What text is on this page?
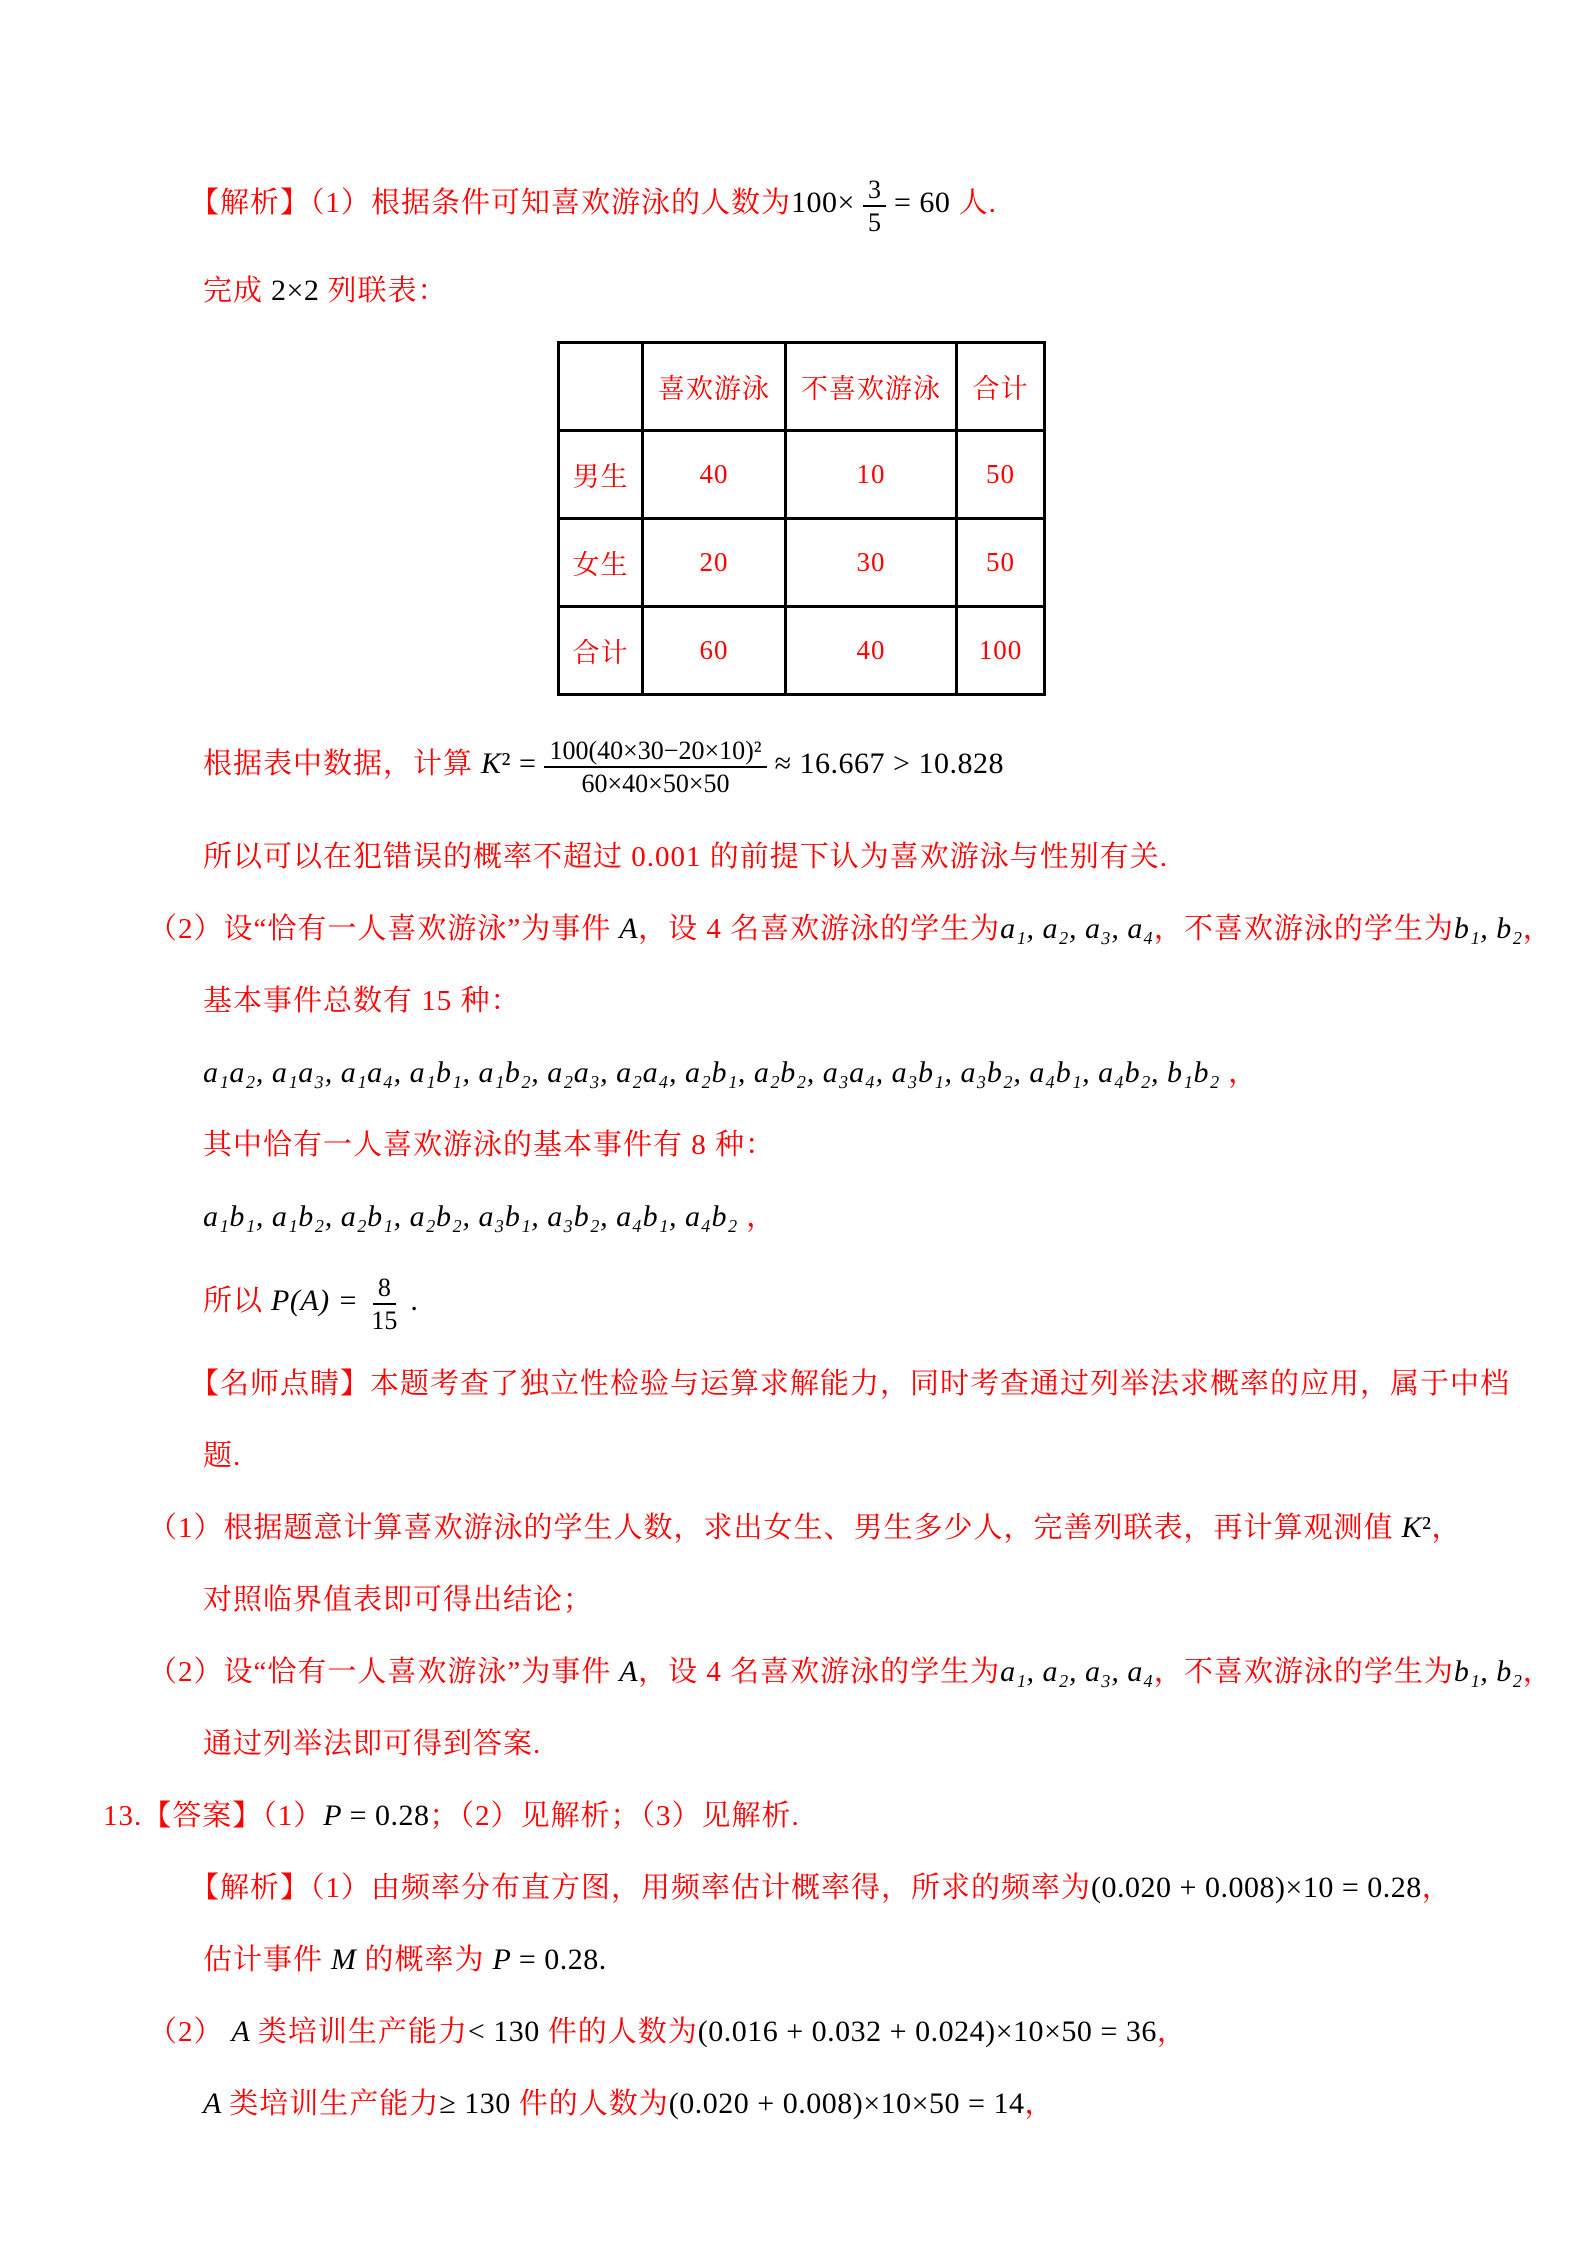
【解析】（1）根据条件可知喜欢游泳的人数为$100\times \frac{3}{5} = 60$ 人.
完成 2×2 列联表：
	喜欢游泳	不喜欢游泳	合计
男生	40	10	50
女生	20	30	50
合计	60	40	100
根据表中数据，计算 $K^2 = \frac{\text{100(40×30−20×10)²}}{60\times 40\times 50\times 50} \approx 16.667 > 10.828$
所以可以在犯错误的概率不超过 0.001 的前提下认为喜欢游泳与性别有关.
（2）设“恰有一人喜欢游泳”为事件 A，设 4 名喜欢游泳的学生为a₁, a₂, a₃, a₄，不喜欢游泳的学生为b₁, b₂，
基本事件总数有 15 种：
a₁a₂, a₁a₃, a₁a₄, a₁b₁, a₁b₂, a₂a₃, a₂a₄, a₂b₁, a₂b₂, a₃a₄, a₃b₁, a₃b₂, a₄b₁, a₄b₂, b₁b₂ ，
其中恰有一人喜欢游泳的基本事件有 8 种：
a₁b₁, a₁b₂, a₂b₁, a₂b₂, a₃b₁, a₃b₂, a₄b₁, a₄b₂ ，
所以 $P(A) = \frac{8}{15}$ .
【名师点睛】本题考查了独立性检验与运算求解能力，同时考查通过列举法求概率的应用，属于中档
题.
（1）根据题意计算喜欢游泳的学生人数，求出女生、男生多少人，完善列联表，再计算观测值 K²，
对照临界值表即可得出结论；
（2）设“恰有一人喜欢游泳”为事件 A，设 4 名喜欢游泳的学生为a₁, a₂, a₃, a₄，不喜欢游泳的学生为b₁, b₂，
通过列举法即可得到答案.
13.【答案】（1）P = 0.28；（2）见解析；（3）见解析.
【解析】（1）由频率分布直方图，用频率估计概率得，所求的频率为(0.020 + 0.008)×10 = 0.28，
估计事件 M 的概率为 P = 0.28.
（2） A 类培训生产能力< 130 件的人数为(0.016 + 0.032 + 0.024)×10×50 = 36，
A 类培训生产能力≥ 130 件的人数为(0.020 + 0.008)×10×50 = 14，
